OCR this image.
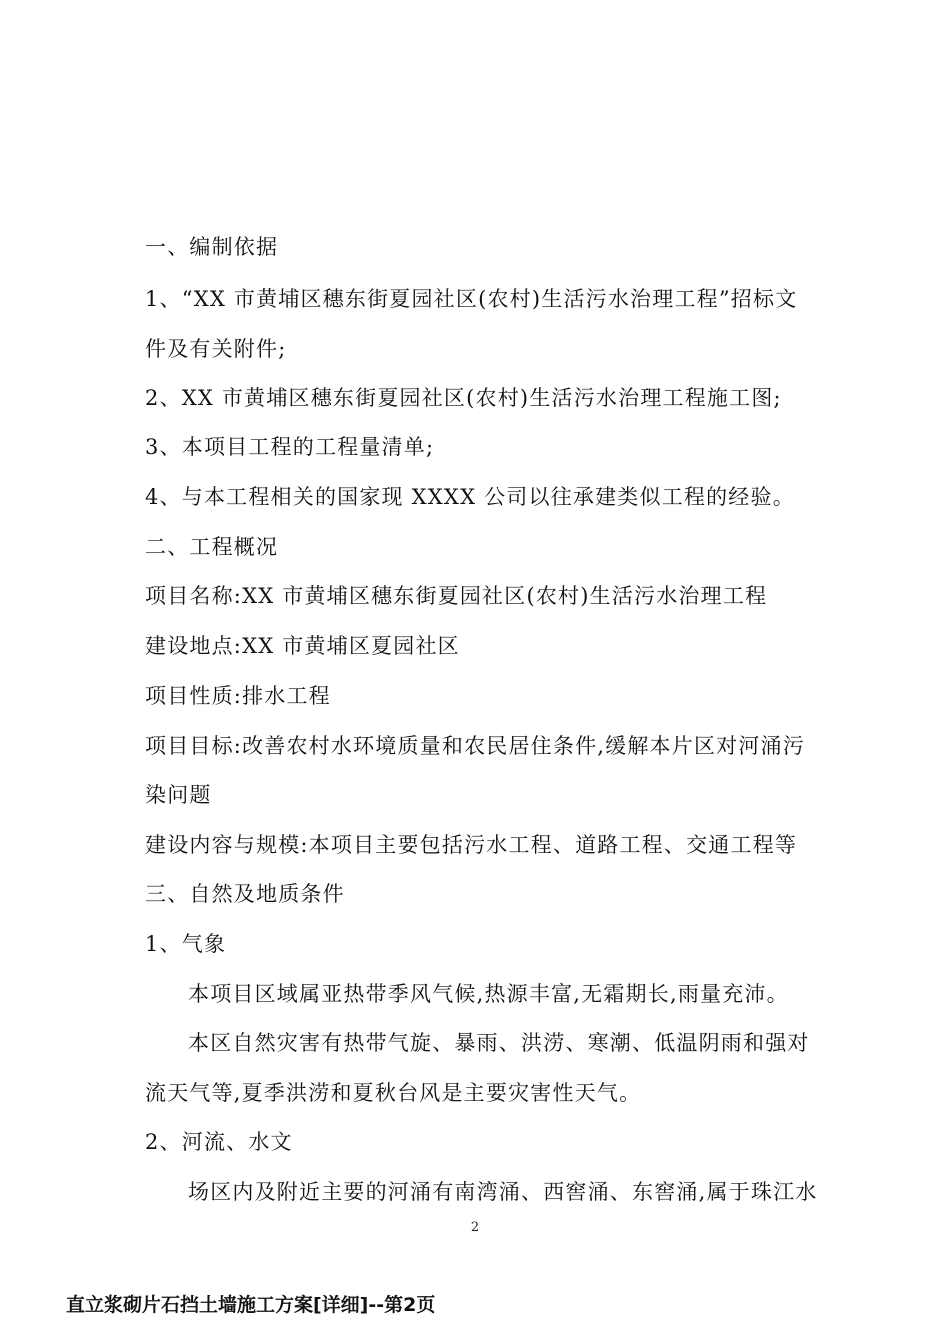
一、编制依据
1、“XX 市黄埔区穗东街夏园社区(农村)生活污水治理工程”招标文
件及有关附件;
2、XX 市黄埔区穗东街夏园社区(农村)生活污水治理工程施工图;
3、本项目工程的工程量清单;
4、与本工程相关的国家现 XXXX 公司以往承建类似工程的经验。
二、工程概况
项目名称:XX 市黄埔区穗东街夏园社区(农村)生活污水治理工程
建设地点:XX 市黄埔区夏园社区
项目性质:排水工程
项目目标:改善农村水环境质量和农民居住条件,缓解本片区对河涌污
染问题
建设内容与规模:本项目主要包括污水工程、道路工程、交通工程等
三、自然及地质条件
1、气象
本项目区域属亚热带季风气候,热源丰富,无霜期长,雨量充沛。
本区自然灾害有热带气旋、暴雨、洪涝、寒潮、低温阴雨和强对
流天气等,夏季洪涝和夏秋台风是主要灾害性天气。
2、河流、水文
场区内及附近主要的河涌有南湾涌、西窖涌、东窖涌,属于珠江水
2
直立浆砌片石挡土墙施工方案[详细]--第2页
